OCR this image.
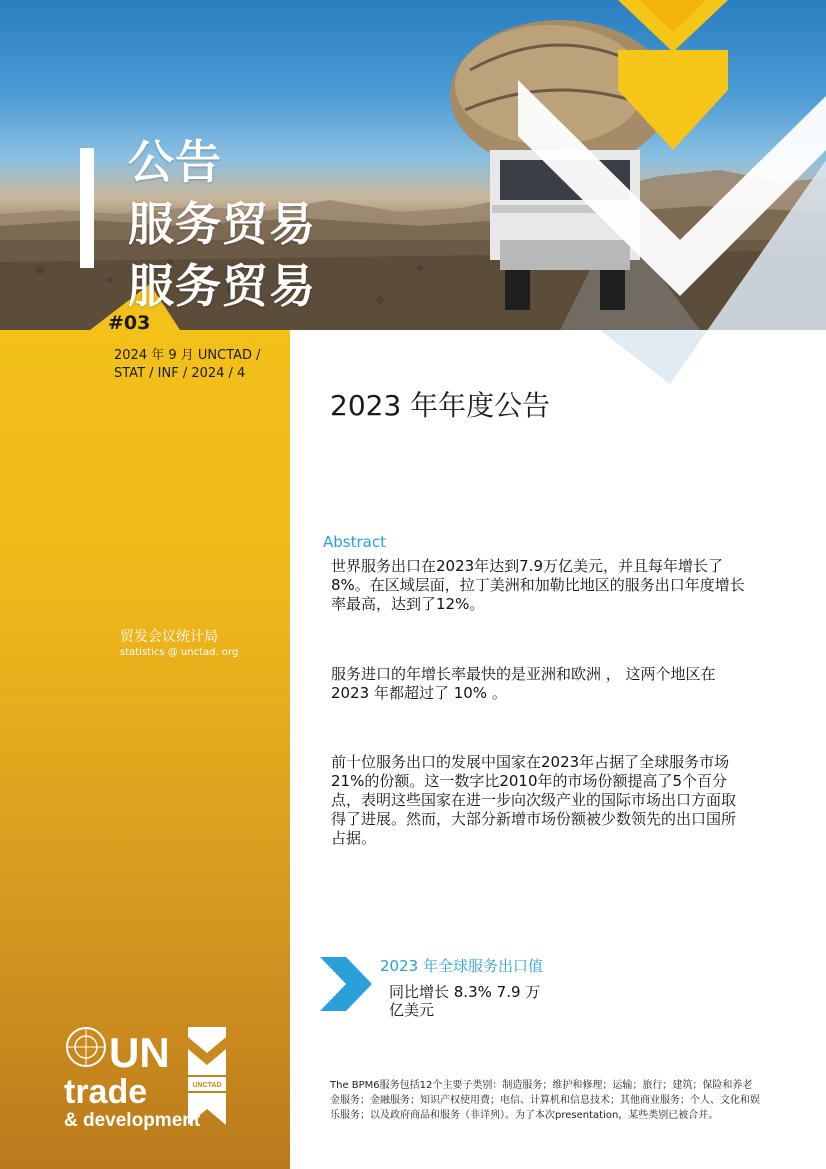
公告
服务贸易
服务贸易
#03
2024 年 9 月 UNCTAD /
STAT / INF / 2024 / 4
贸发会议统计局
statistics @ unctad. org
2023 年年度公告
Abstract
世界服务出口在2023年达到7.9万亿美元，并且每年增长了8%。在区域层面，拉丁美洲和加勒比地区的服务出口年度增长率最高，达到了12%。
服务进口的年增长率最快的是亚洲和欧洲 ， 这两个地区在 2023 年都超过了 10% 。
前十位服务出口的发展中国家在2023年占据了全球服务市场21%的份额。这一数字比2010年的市场份额提高了5个百分点，表明这些国家在进一步向次级产业的国际市场出口方面取得了进展。然而，大部分新增市场份额被少数领先的出口国所占据。
2023 年全球服务出口值
同比增长 8.3% 7.9 万亿美元
The BPM6服务包括12个主要子类别：制造服务；维护和修理；运输；旅行；建筑；保险和养老金服务；金融服务；知识产权使用费；电信、计算机和信息技术；其他商业服务；个人、文化和娱乐服务；以及政府商品和服务（非详列）。为了本次presentation，某些类别已被合并。
UN
trade
& development
UNCTAD
